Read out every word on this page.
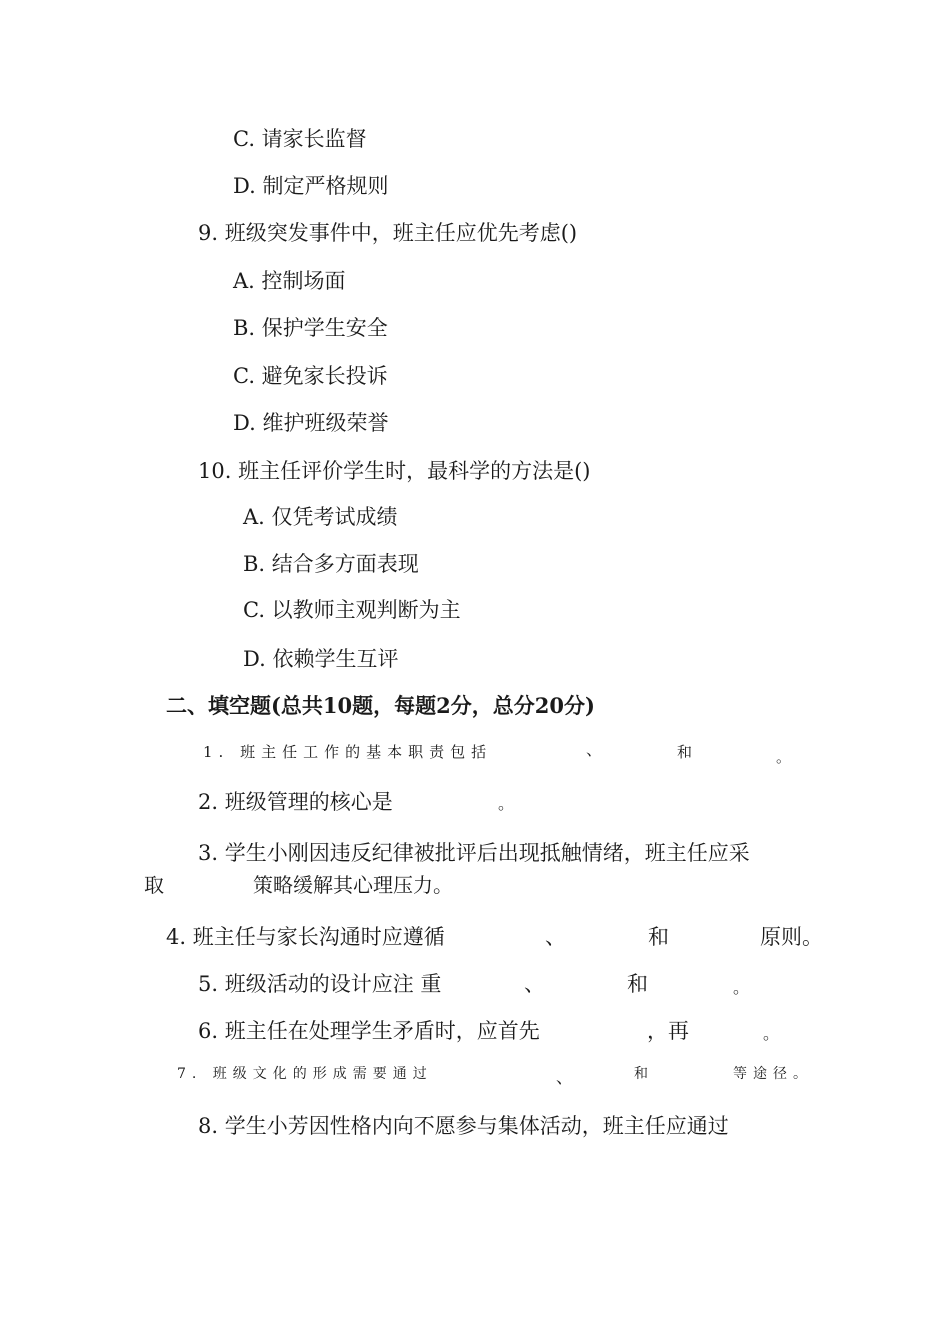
C. 请家长监督
D. 制定严格规则
9. 班级突发事件中，班主任应优先考虑()
A. 控制场面
B. 保护学生安全
C. 避免家长投诉
D. 维护班级荣誉
10. 班主任评价学生时，最科学的方法是()
A. 仅凭考试成绩
B. 结合多方面表现
C. 以教师主观判断为主
D. 依赖学生互评
二、填空题(总共10题，每题2分，总分20分)
1. 班主任工作的基本职责包括	、	和	。
2. 班级管理的核心是	。
3. 学生小刚因违反纪律被批评后出现抵触情绪，班主任应采
取	策略缓解其心理压力。
4. 班主任与家长沟通时应遵循	、	和	原则。
5. 班级活动的设计应注 重	、	和	。
6. 班主任在处理学生矛盾时，应首先	，再	。
7. 班级文化的形成需要通过	、	和	等途径。
8. 学生小芳因性格内向不愿参与集体活动，班主任应通过
